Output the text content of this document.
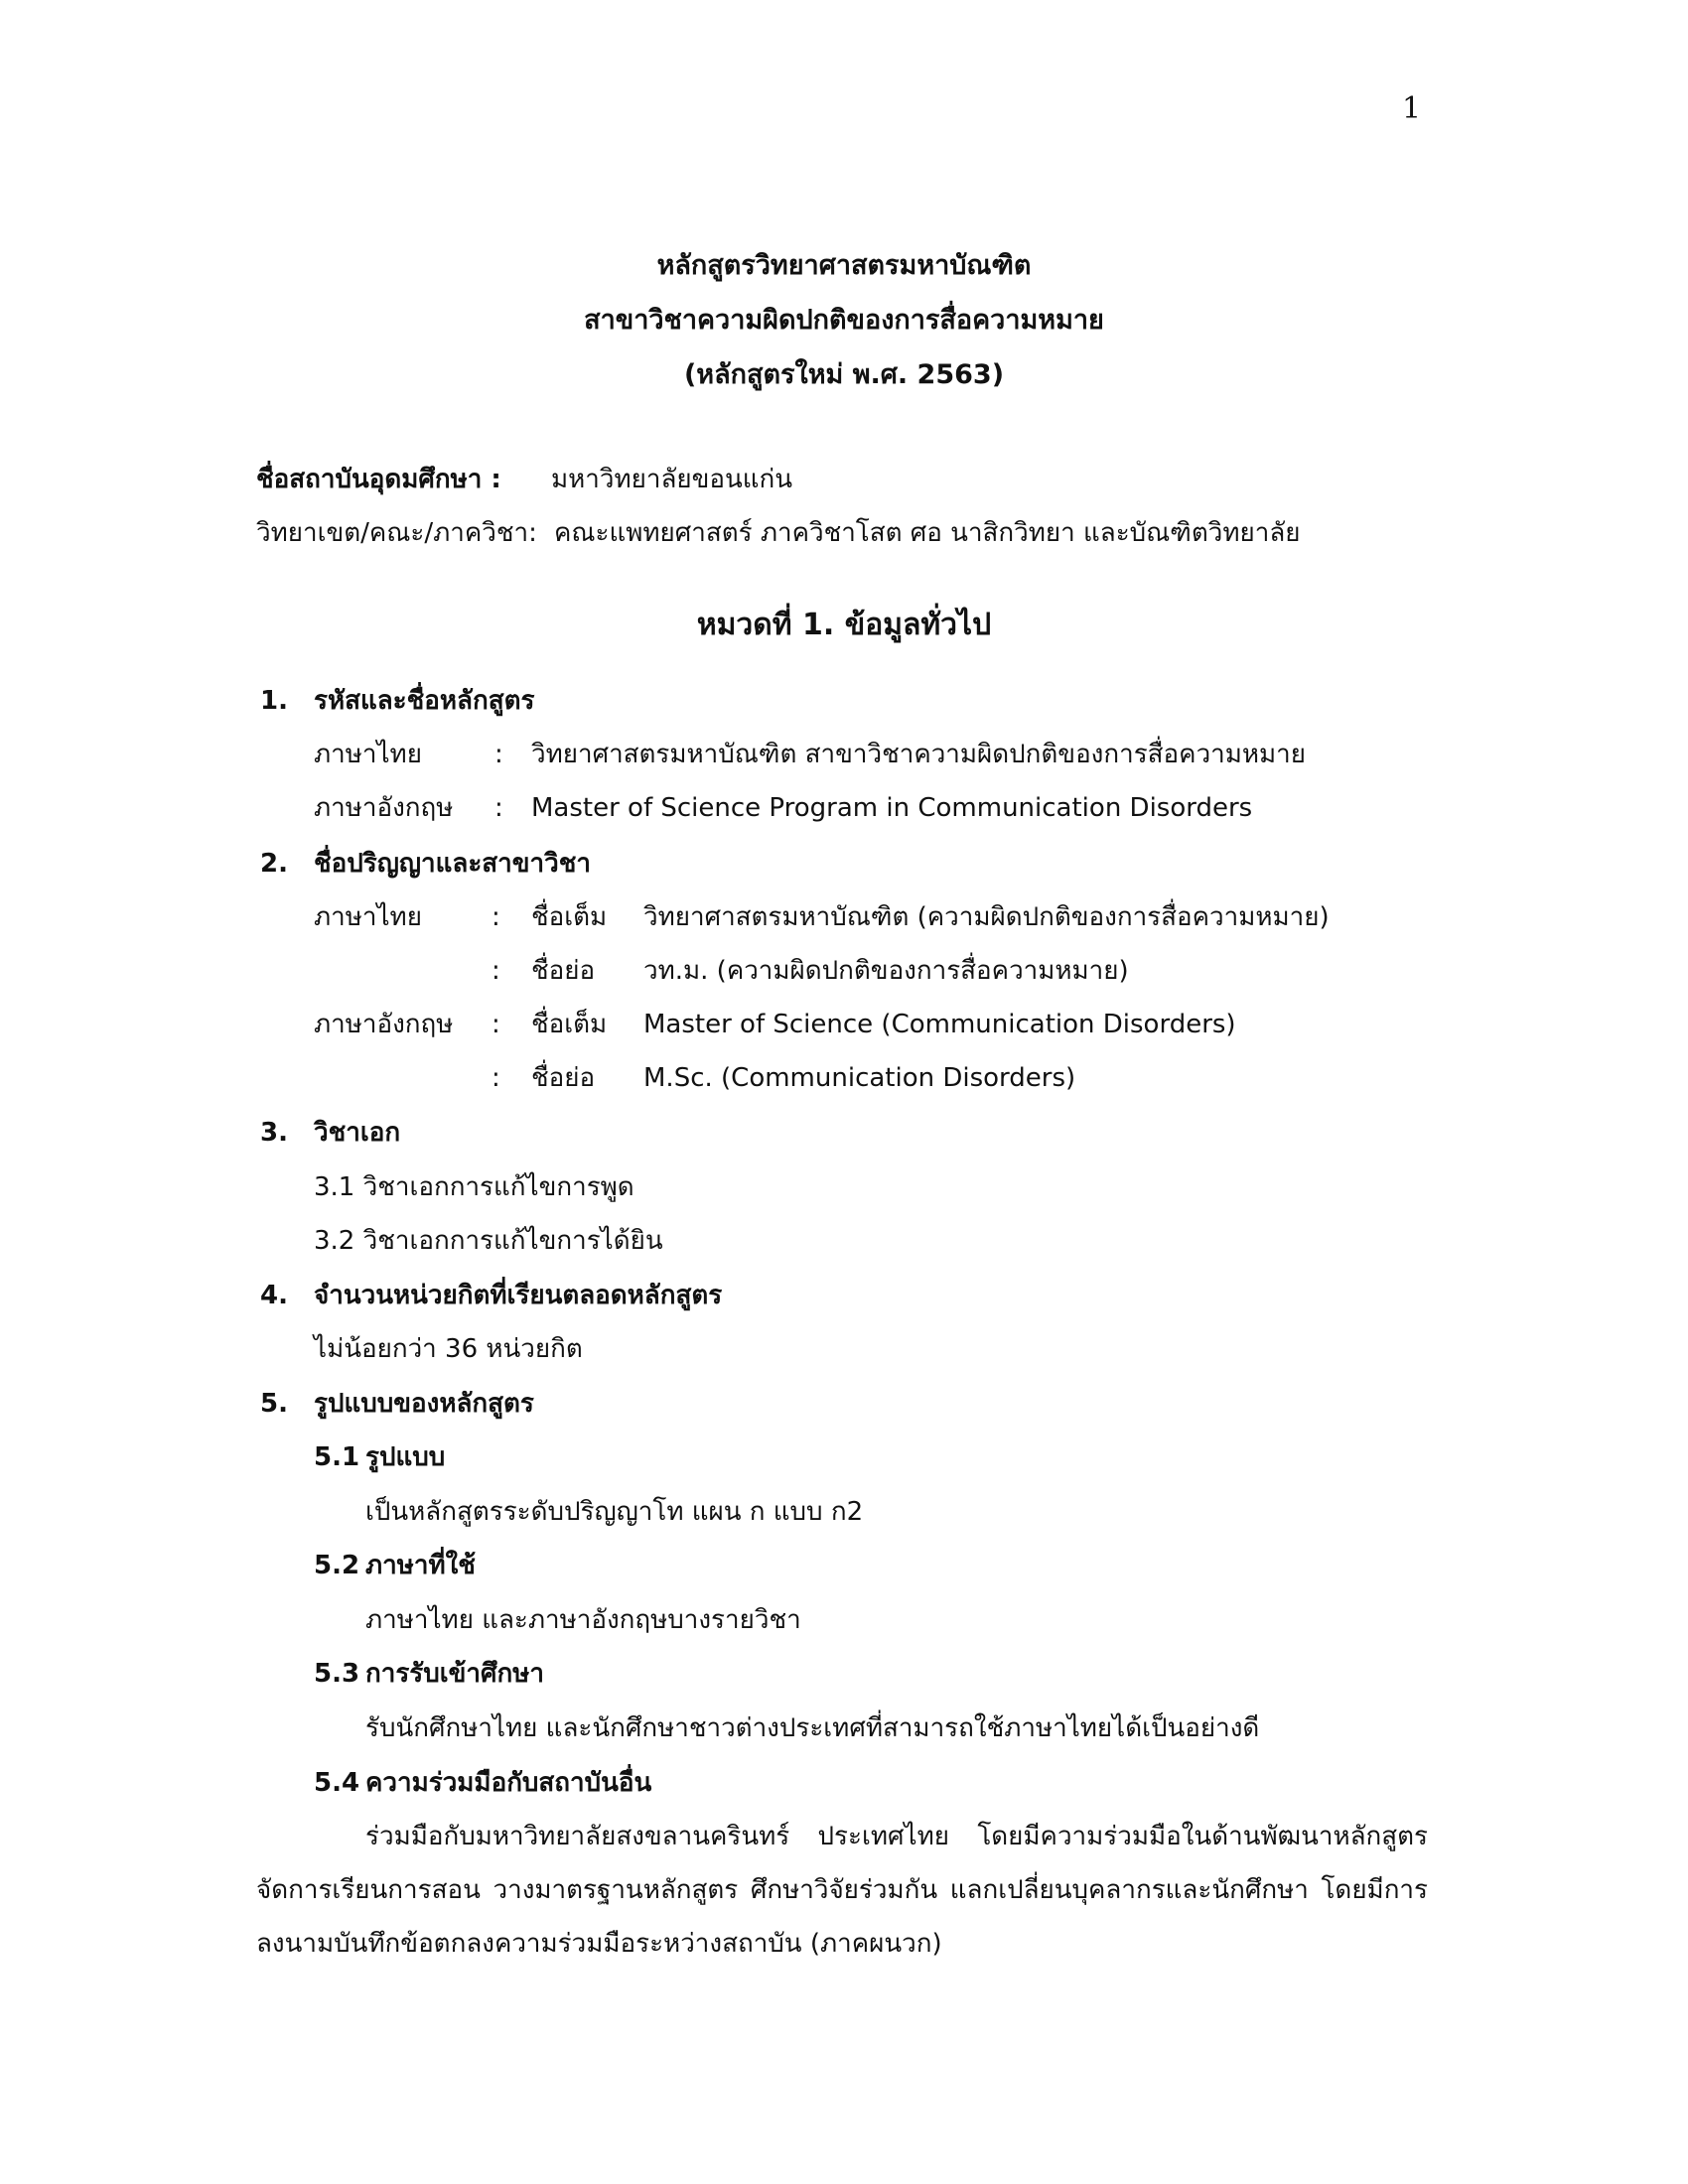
1
หลักสูตรวิทยาศาสตรมหาบัณฑิต
สาขาวิชาความผิดปกติของการสื่อความหมาย
(หลักสูตรใหม่ พ.ศ. 2563)
ชื่อสถาบันอุดมศึกษา : มหาวิทยาลัยขอนแก่น
วิทยาเขต/คณะ/ภาควิชา: คณะแพทยศาสตร์ ภาควิชาโสต ศอ นาสิกวิทยา และบัณฑิตวิทยาลัย
หมวดที่ 1. ข้อมูลทั่วไป
1. รหัสและชื่อหลักสูตร
ภาษาไทย	: วิทยาศาสตรมหาบัณฑิต สาขาวิชาความผิดปกติของการสื่อความหมาย
ภาษาอังกฤษ : Master of Science Program in Communication Disorders
2. ชื่อปริญญาและสาขาวิชา
ภาษาไทย	: ชื่อเต็ม วิทยาศาสตรมหาบัณฑิต (ความผิดปกติของการสื่อความหมาย)
: ชื่อย่อ วท.ม. (ความผิดปกติของการสื่อความหมาย)
ภาษาอังกฤษ : ชื่อเต็ม Master of Science (Communication Disorders)
: ชื่อย่อ M.Sc. (Communication Disorders)
3. วิชาเอก
3.1 วิชาเอกการแก้ไขการพูด
3.2 วิชาเอกการแก้ไขการได้ยิน
4. จำนวนหน่วยกิตที่เรียนตลอดหลักสูตร
ไม่น้อยกว่า 36 หน่วยกิต
5. รูปแบบของหลักสูตร
5.1 รูปแบบ
เป็นหลักสูตรระดับปริญญาโท แผน ก แบบ ก2
5.2 ภาษาที่ใช้
ภาษาไทย และภาษาอังกฤษบางรายวิชา
5.3 การรับเข้าศึกษา
รับนักศึกษาไทย และนักศึกษาชาวต่างประเทศที่สามารถใช้ภาษาไทยได้เป็นอย่างดี
5.4 ความร่วมมือกับสถาบันอื่น
ร่วมมือกับมหาวิทยาลัยสงขลานครินทร์ ประเทศไทย โดยมีความร่วมมือในด้านพัฒนาหลักสูตร จัดการเรียนการสอน วางมาตรฐานหลักสูตร ศึกษาวิจัยร่วมกัน แลกเปลี่ยนบุคลากรและนักศึกษา โดยมีการลงนามบันทึกข้อตกลงความร่วมมือระหว่างสถาบัน (ภาคผนวก)
